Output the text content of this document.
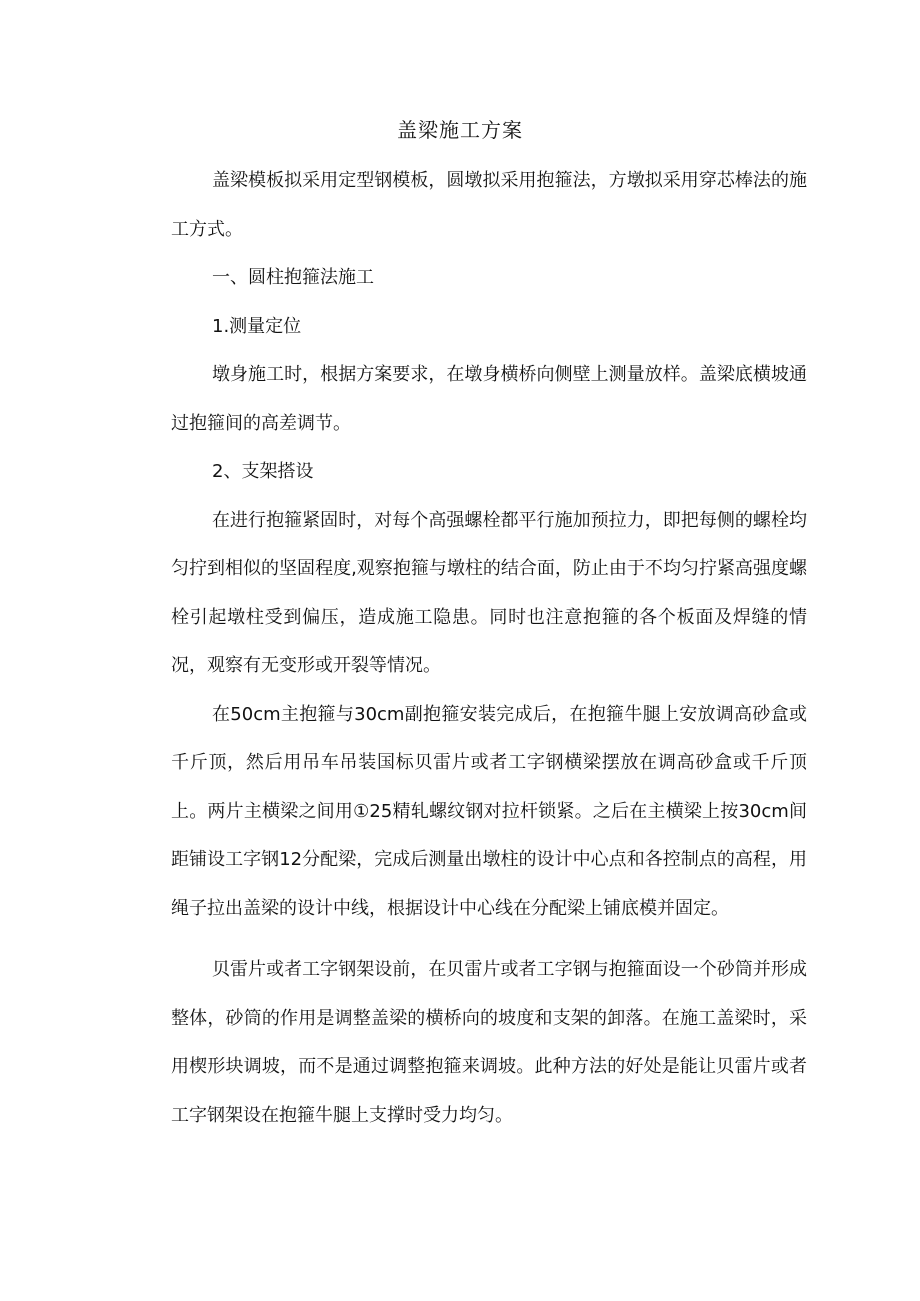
盖梁施工方案

盖梁模板拟采用定型钢模板，圆墩拟采用抱箍法，方墩拟采用穿芯棒法的施工方式。

一、圆柱抱箍法施工

1.测量定位

墩身施工时，根据方案要求，在墩身横桥向侧壁上测量放样。盖梁底横坡通过抱箍间的高差调节。

2、支架搭设

在进行抱箍紧固时，对每个高强螺栓都平行施加预拉力，即把每侧的螺栓均匀拧到相似的坚固程度,观察抱箍与墩柱的结合面，防止由于不均匀拧紧高强度螺栓引起墩柱受到偏压，造成施工隐患。同时也注意抱箍的各个板面及焊缝的情况，观察有无变形或开裂等情况。

在50cm主抱箍与30cm副抱箍安装完成后，在抱箍牛腿上安放调高砂盒或千斤顶，然后用吊车吊装国标贝雷片或者工字钢横梁摆放在调高砂盒或千斤顶上。两片主横梁之间用①25精轧螺纹钢对拉杆锁紧。之后在主横梁上按30cm间距铺设工字钢12分配梁，完成后测量出墩柱的设计中心点和各控制点的高程，用绳子拉出盖梁的设计中线，根据设计中心线在分配梁上铺底模并固定。

贝雷片或者工字钢架设前，在贝雷片或者工字钢与抱箍面设一个砂筒并形成整体，砂筒的作用是调整盖梁的横桥向的坡度和支架的卸落。在施工盖梁时，采用楔形块调坡，而不是通过调整抱箍来调坡。此种方法的好处是能让贝雷片或者工字钢架设在抱箍牛腿上支撑时受力均匀。
